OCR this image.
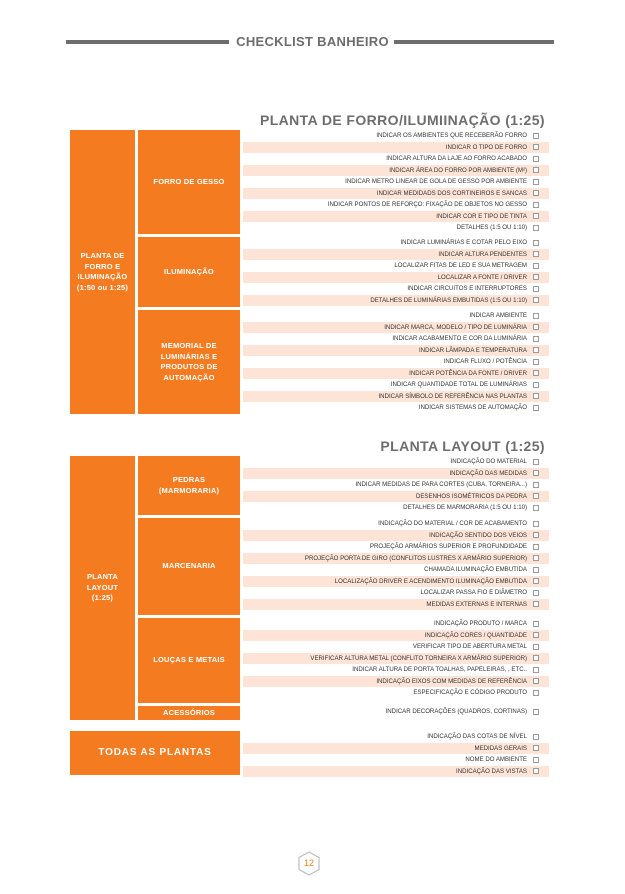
CHECKLIST BANHEIRO
PLANTA DE FORRO/ILUMIINAÇÃO (1:25)
PLANTA LAYOUT (1:25)
PLANTA DE FORRO E ILUMINAÇÃO (1:50 ou 1:25)
FORRO DE GESSO
ILUMINAÇÃO
MEMORIAL DE LUMINÁRIAS E PRODUTOS DE AUTOMAÇÃO
PLANTA LAYOUT (1:25)
PEDRAS (MARMORARIA)
MARCENARIA
LOUÇAS E METAIS
ACESSÓRIOS
TODAS AS PLANTAS
INDICAR OS AMBIENTES QUE RECEBERÃO FORRO
INDICAR O TIPO DE FORRO
INDICAR ALTURA DA LAJE AO FORRO ACABADO
INDICAR ÁREA DO FORRO POR AMBIENTE (M²)
INDICAR METRO LINEAR DE GOLA DE GESSO POR AMBIENTE
INDICAR MEDIDADS DOS CORTINEIROS E SANCAS
INDICAR PONTOS DE REFORÇO: FIXAÇÃO DE OBJETOS NO GESSO
INDICAR COR E TIPO DE TINTA
DETALHES (1:5 OU 1:10)
INDICAR LUMINÁRIAS E COTAR PELO EIXO
INDICAR ALTURA PENDENTES
LOCALIZAR FITAS DE LED E SUA METRAGEM
LOCALIZAR A FONTE / DRIVER
INDICAR CIRCUITOS E INTERRUPTORES
DETALHES DE LUMINÁRIAS EMBUTIDAS (1:5 OU 1:10)
INDICAR AMBIENTE
INDICAR MARCA, MODELO / TIPO DE LUMINÁRIA
INDICAR ACABAMENTO E COR DA LUMINÁRIA
INDICAR LÂMPADA E TEMPERATURA
INDICAR FLUXO / POTÊNCIA
INDICAR POTÊNCIA DA FONTE / DRIVER
INDICAR QUANTIDADE TOTAL DE LUMINÁRIAS
INDICAR SÍMBOLO DE REFERÊNCIA NAS PLANTAS
INDICAR SISTEMAS DE AUTOMAÇÃO
INDICAÇÃO DO MATERIAL
INDICAÇÃO DAS MEDIDAS
INDICAR MEDIDAS DE PARA CORTES (CUBA, TORNEIRA...)
DESENHOS ISOMÉTRICOS DA PEDRA
DETALHES DE MARMORARIA (1:5 OU 1:10)
INDICAÇÃO DO MATERIAL / COR DE ACABAMENTO
INDICAÇÃO SENTIDO DOS VEIOS
PROJEÇÃO ARMÁRIOS SUPERIOR E PROFUNDIDADE
PROJEÇÃO PORTA DE GIRO (CONFLITOS LUSTRES X ARMÁRIO SUPERIOR)
CHAMADA ILUMINAÇÃO EMBUTIDA
LOCALIZAÇÃO DRIVER E ACENDIMENTO ILUMINAÇÃO EMBUTIDA
LOCALIZAR PASSA FIO E DIÂMETRO
MEDIDAS EXTERNAS E INTERNAS
INDICAÇÃO PRODUTO / MARCA
INDICAÇÃO CORES / QUANTIDADE
VERIFICAR TIPO DE ABERTURA METAL
VERIFICAR ALTURA METAL (CONFLITO TORNEIRA X ARMÁRIO SUPERIOR)
INDICAR ALTURA DE PORTA TOALHAS, PAPELEIRAS, , ETC..
INDICAÇÃO EIXOS COM MEDIDAS DE REFERÊNCIA
ESPECIFICAÇÃO E CÓDIGO PRODUTO
INDICAR DECORAÇÕES (QUADROS, CORTINAS)
INDICAÇÃO DAS COTAS DE NÍVEL
MEDIDAS GERAIS
NOME DO AMBIENTE
INDICAÇÃO DAS VISTAS
12
